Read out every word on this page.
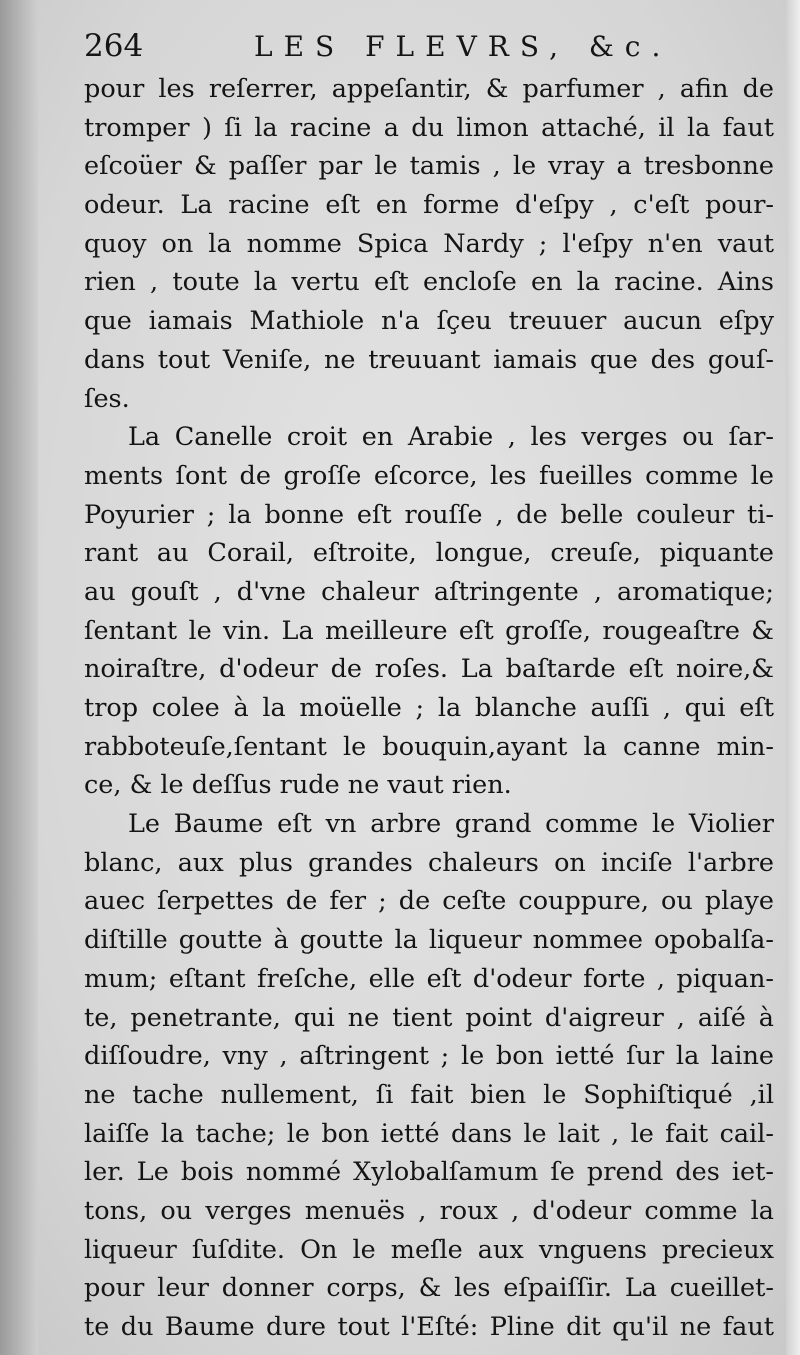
264	LES FLEVRS, &c.
pour les reſerrer, appeſantir, & parfumer , afin de
tromper ) ſi la racine a du limon attaché, il la faut
eſcoüer & paſſer par le tamis , le vray a tresbonne
odeur. La racine eſt en forme d'eſpy , c'eſt pour-
quoy on la nomme Spica Nardy ; l'eſpy n'en vaut
rien , toute la vertu eſt encloſe en la racine. Ains
que iamais Mathiole n'a ſçeu treuuer aucun eſpy
dans tout Veniſe, ne treuuant iamais que des gouſ-
ſes.
La Canelle croit en Arabie , les verges ou ſar-
ments ſont de groſſe eſcorce, les fueilles comme le
Poyurier ; la bonne eſt rouſſe , de belle couleur ti-
rant au Corail, eſtroite, longue, creuſe, piquante
au gouſt , d'vne chaleur aſtringente , aromatique;
ſentant le vin. La meilleure eſt groſſe, rougeaſtre &
noiraſtre, d'odeur de roſes. La baſtarde eſt noire,&
trop colee à la moüelle ; la blanche auſſi , qui eſt
rabboteuſe,ſentant le bouquin,ayant la canne min-
ce, & le deſſus rude ne vaut rien.
Le Baume eſt vn arbre grand comme le Violier
blanc, aux plus grandes chaleurs on inciſe l'arbre
auec ſerpettes de fer ; de ceſte couppure, ou playe
diſtille goutte à goutte la liqueur nommee opobalſa-
mum; eſtant freſche, elle eſt d'odeur forte , piquan-
te, penetrante, qui ne tient point d'aigreur , aiſé à
diſſoudre, vny , aſtringent ; le bon ietté ſur la laine
ne tache nullement, ſi fait bien le Sophiſtiqué ,il
laiſſe la tache; le bon ietté dans le lait , le fait cail-
ler. Le bois nommé Xylobalſamum ſe prend des iet-
tons, ou verges menuës , roux , d'odeur comme la
liqueur ſuſdite. On le meſle aux vnguens precieux
pour leur donner corps, & les eſpaiſſir. La cueillet-
te du Baume dure tout l'Eſté: Pline dit qu'il ne faut
